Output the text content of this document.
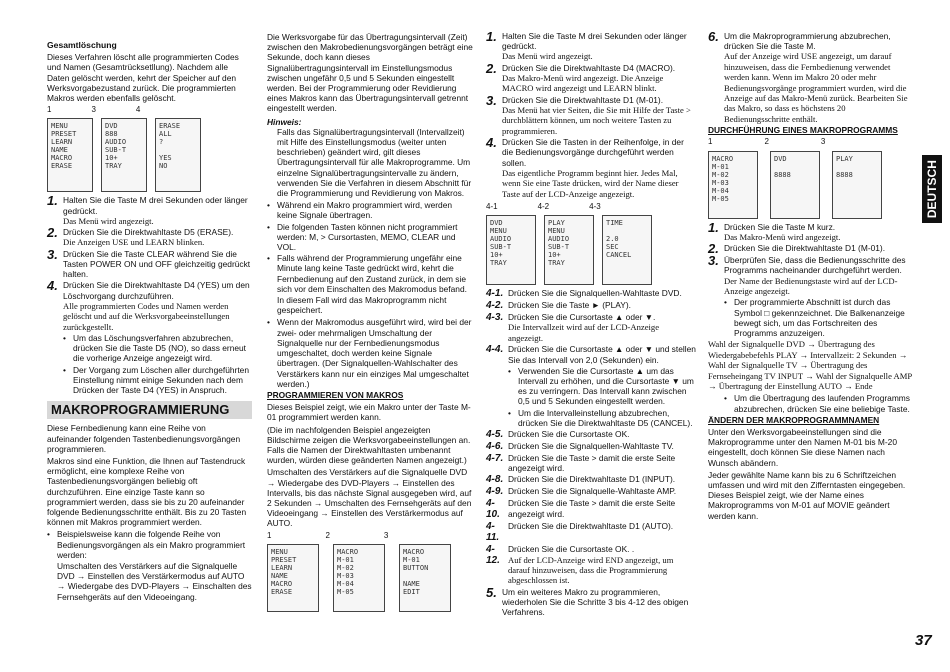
Gesamtlöschung

Dieses Verfahren löscht alle programmierten Codes und Namen (Gesamtrücksetllung). Nachdem alle Daten gelöscht werden, kehrt der Speicher auf den Werksvorgabezustand zurück. Die programmierten Makros werden ebenfalls gelöscht.

1	3	4
MENU
PRESET
LEARN
NAME
MACRO
ERASE
DVD
888
AUDIO
SUB-T
10+
TRAY
ERASE
ALL
?

YES
NO
1. Halten Sie die Taste M drei Sekunden oder länger gedrückt.
Das Menü wird angezeigt.
2. Drücken Sie die Direktwahltaste D5 (ERASE).
Die Anzeigen USE und LEARN blinken.
3. Drücken Sie die Taste CLEAR während Sie die Tasten POWER ON und OFF gleichzeitig gedrückt halten.
4. Drücken Sie die Direktwahltaste D4 (YES) um den Löschvorgang durchzuführen.
Alle programmierten Codes und Namen werden gelöscht und auf die Werksvorgabeeinstellungen zurückgestellt.
• Um das Löschungsverfahren abzubrechen, drücken Sie die Taste D5 (NO), so dass erneut die vorherige Anzeige angezeigt wird.
• Der Vorgang zum Löschen aller durchgeführten Einstellung nimmt einige Sekunden nach dem Drücken der Taste D4 (YES) in Anspruch.
MAKROPROGRAMMIERUNG

Diese Fernbedienung kann eine Reihe von aufeinander folgenden Tastenbedienungsvorgängen programmieren.

Makros sind eine Funktion, die Ihnen auf Tastendruck ermöglicht, eine komplexe Reihe von Tastenbedienungsvorgängen beliebig oft durchzuführen. Eine einzige Taste kann so programmiert werden, dass sie bis zu 20 aufeinander folgende Bedienungsschritte enthält. Bis zu 20 Tasten können mit Makros programmiert werden.

• Beispielsweise kann die folgende Reihe von Bedienungsvorgängen als ein Makro programmiert werden:

Umschalten des Verstärkers auf die Signalquelle DVD → Einstellen des Verstärkermodus auf AUTO → Wiedergabe des DVD-Players → Einschalten des Fernsehgeräts auf den Videoeingang.

Die Werksvorgabe für das Übertragungsintervall (Zeit) zwischen den Makrobedienungsvorgängen beträgt eine Sekunde, doch kann dieses Signalübertragungsintervall im Einstellungsmodus zwischen ungefähr 0,5 und 5 Sekunden eingestellt werden. Bei der Programmierung oder Revidierung eines Makros kann das Übertragungsintervall getrennt eingestellt werden.

Hinweis:

Falls das Signalübertragungsintervall (Intervallzeit) mit Hilfe des Einstellungsmodus (weiter unten beschrieben) geändert wird, gilt dieses Übertragungsintervall für alle Makroprogramme. Um einzelne Signalübertragungsintervalle zu ändern, verwenden Sie die Verfahren in diesem Abschnitt für die Programmierung und Revidierung von Makros.

• Während ein Makro programmiert wird, werden keine Signale übertragen.
• Die folgenden Tasten können nicht programmiert werden: M, > Cursortasten, MEMO, CLEAR und VOL.
• Falls während der Programmierung ungefähr eine Minute lang keine Taste gedrückt wird, kehrt die Fernbedienung auf den Zustand zurück, in dem sie sich vor dem Einschalten des Makromodus befand.

In diesem Fall wird das Makroprogramm nicht gespeichert.

• Wenn der Makromodus ausgeführt wird, wird bei der zwei- oder mehrmaligen Umschaltung der Signalquelle nur der Fernbedienungsmodus umgeschaltet, doch werden keine Signale übertragen. (Der Signalquellen-Wahlschalter des Verstärkers kann nur ein einziges Mal umgeschaltet werden.)

PROGRAMMIEREN VON MAKROS

Dieses Beispiel zeigt, wie ein Makro unter der Taste M-01 programmiert werden kann.

(Die im nachfolgenden Beispiel angezeigten Bildschirme zeigen die Werksvorgabeeinstellungen an. Falls die Namen der Direktwahltasten umbenannt wurden, würden diese geänderten Namen angezeigt.)

Umschalten des Verstärkers auf die Signalquelle DVD → Wiedergabe des DVD-Players → Einstellen des Intervalls, bis das nächste Signal ausgegeben wird, auf 2 Sekunden → Umschalten des Fernsehgeräts auf den Videoeingang → Einstellen des Verstärkermodus auf AUTO.

1	2	3
MENU
PRESET
LEARN
NAME
MACRO
ERASE
MACRO
M-01
M-02
M-03
M-04
M-05
MACRO
M-01
BUTTON

NAME
EDIT
1. Halten Sie die Taste M drei Sekunden oder länger gedrückt.
Das Menü wird angezeigt.
2. Drücken Sie die Direktwahltaste D4 (MACRO).
Das Makro-Menü wird angezeigt. Die Anzeige MACRO wird angezeigt und LEARN blinkt.
3. Drücken Sie die Direktwahltaste D1 (M-01).
Das Menü hat vier Seiten, die Sie mit Hilfe der Taste > durchblättern können, um noch weitere Tasten zu programmieren.
4. Drücken Sie die Tasten in der Reihenfolge, in der die Bedienungsvorgänge durchgeführt werden sollen.
Das eigentliche Programm beginnt hier. Jedes Mal, wenn Sie eine Taste drücken, wird der Name dieser Taste auf der LCD-Anzeige angezeigt.
4-1	4-2	4-3
DVD
MENU
AUDIO
SUB-T
10+
TRAY
PLAY
MENU
AUDIO
SUB-T
10+
TRAY
TIME

2.0
SEC
CANCEL

4-1. Drücken Sie die Signalquellen-Wahltaste DVD.
4-2. Drücken Sie die Taste ► (PLAY).
4-3. Drücken Sie die Cursortaste ▲ oder ▼.
Die Intervallzeit wird auf der LCD-Anzeige angezeigt.
4-4. Drücken Sie die Cursortaste ▲ oder ▼ und stellen Sie das Intervall von 2,0 (Sekunden) ein.
• Verwenden Sie die Cursortaste ▲ um das Intervall zu erhöhen, und die Cursortaste ▼ um es zu verringern. Das Intervall kann zwischen 0,5 und 5 Sekunden eingestellt werden.
• Um die Intervalleinstellung abzubrechen, drücken Sie die Direktwahltaste D5 (CANCEL).
4-5. Drücken Sie die Cursortaste OK.
4-6. Drücken Sie die Signalquellen-Wahltaste TV.
4-7. Drücken Sie die Taste > damit die erste Seite angezeigt wird.
4-8. Drücken Sie die Direktwahltaste D1 (INPUT).
4-9. Drücken Sie die Signalquelle-Wahltaste AMP.
4-10.
Drücken Sie die Taste > damit die erste Seite angezeigt wird.
4-11.
Drücken Sie die Direktwahltaste D1 (AUTO).
4-12.
Drücken Sie die Cursortaste OK. .
Auf der LCD-Anzeige wird END angezeigt, um darauf hinzuweisen, dass die Programmierung abgeschlossen ist.
5. Um ein weiteres Makro zu programmieren, wiederholen Sie die Schritte 3 bis 4-12 des obigen Verfahrens.
6. Um die Makroprogrammierung abzubrechen, drücken Sie die Taste M.
Auf der Anzeige wird USE angezeigt, um darauf hinzuweisen, dass die Fernbedienung verwendet werden kann. Wenn im Makro 20 oder mehr Bedienungsvorgänge programmiert wurden, wird die Anzeige auf das Makro-Menü zurück. Bearbeiten Sie das Makro, so dass es höchstens 20 Bedienungsschritte enthält.

DURCHFÜHRUNG EINES MAKROPROGRAMMS

1	2	3
MACRO
M-01
M-02
M-03
M-04
M-05
DVD

8888

PLAY

8888

1. Drücken Sie die Taste M kurz.
Das Makro-Menü wird angezeigt.
2. Drücken Sie die Direktwahltaste D1 (M-01).
3. Überprüfen Sie, dass die Bedienungsschritte des Programms nacheinander durchgeführt werden.
Der Name der Bedienungstaste wird auf der LCD-Anzeige angezeigt.
• Der programmierte Abschnitt ist durch das Symbol □ gekennzeichnet. Die Balkenanzeige bewegt sich, um das Fortschreiten des Programms anzuzeigen.

Wahl der Signalquelle DVD → Übertragung des Wiedergabebefehls PLAY → Intervallzeit: 2 Sekunden → Wahl der Signalquelle TV → Übertragung des Fernseheingang TV INPUT → Wahl der Signalquelle AMP → Übertragung der Einstellung AUTO → Ende

• Um die Übertragung des laufenden Programms abzubrechen, drücken Sie eine beliebige Taste.

ÄNDERN DER MAKROPROGRAMMNAMEN

Unter den Werksvorgabeeinstellungen sind die Makroprogramme unter den Namen M-01 bis M-20 eingestellt, doch können Sie diese Namen nach Wunsch abändern.

Jeder gewählte Name kann bis zu 6 Schriftzeichen umfassen und wird mit den Zifferntasten eingegeben. Dieses Beispiel zeigt, wie der Name eines Makroprogramms von M-01 auf MOVIE geändert werden kann.

DEUTSCH
37
